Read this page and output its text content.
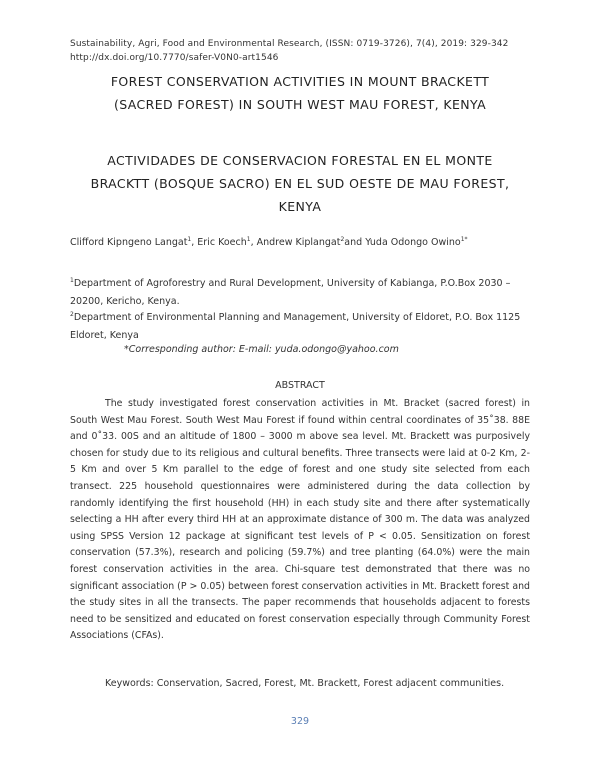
Sustainability, Agri, Food and Environmental Research, (ISSN: 0719-3726), 7(4), 2019: 329-342
http://dx.doi.org/10.7770/safer-V0N0-art1546
FOREST CONSERVATION ACTIVITIES IN MOUNT BRACKETT
(SACRED FOREST) IN SOUTH WEST MAU FOREST, KENYA
ACTIVIDADES DE CONSERVACION FORESTAL EN EL MONTE
BRACKTT (BOSQUE SACRO) EN EL SUD OESTE DE MAU FOREST,
KENYA
Clifford Kipngeno Langat$^1$, Eric Koech$^1$, Andrew Kiplangat$^2$and Yuda Odongo Owino$^{1*}$
$^1$Department of Agroforestry and Rural Development, University of Kabianga, P.O.Box 2030 – 20200, Kericho, Kenya.
$^2$Department of Environmental Planning and Management, University of Eldoret, P.O. Box 1125 Eldoret, Kenya
*Corresponding author: E-mail: yuda.odongo@yahoo.com
ABSTRACT
The study investigated forest conservation activities in Mt. Bracket (sacred forest) in South West Mau Forest. South West Mau Forest if found within central coordinates of 35˚38. 88E and 0˚33. 00S and an altitude of 1800 – 3000 m above sea level. Mt. Brackett was purposively chosen for study due to its religious and cultural benefits. Three transects were laid at 0-2 Km, 2-5 Km and over 5 Km parallel to the edge of forest and one study site selected from each transect. 225 household questionnaires were administered during the data collection by randomly identifying the first household (HH) in each study site and there after systematically selecting a HH after every third HH at an approximate distance of 300 m. The data was analyzed using SPSS Version 12 package at significant test levels of P < 0.05. Sensitization on forest conservation (57.3%), research and policing (59.7%) and tree planting (64.0%) were the main forest conservation activities in the area. Chi-square test demonstrated that there was no significant association (P > 0.05) between forest conservation activities in Mt. Brackett forest and the study sites in all the transects. The paper recommends that households adjacent to forests need to be sensitized and educated on forest conservation especially through Community Forest Associations (CFAs).
Keywords: Conservation, Sacred, Forest, Mt. Brackett, Forest adjacent communities.
329
